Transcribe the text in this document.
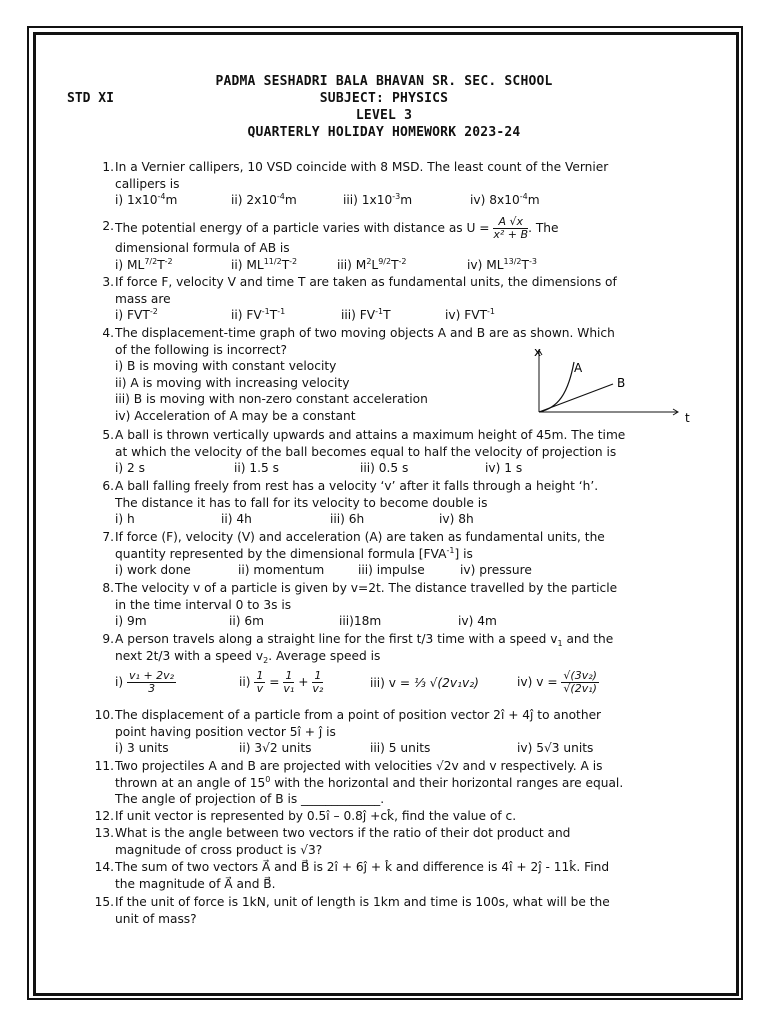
PADMA SESHADRI BALA BHAVAN SR. SEC. SCHOOL
STD XI	SUBJECT: PHYSICS
LEVEL 3
QUARTERLY HOLIDAY HOMEWORK 2023-24
1. In a Vernier callipers, 10 VSD coincide with 8 MSD. The least count of the Vernier
callipers is
i) $1x10^{-4}m$	ii) $2x10^{-4}m$	iii) $1x10^{-3}m$	iv) $8x10^{-4}m$
2. The potential energy of a particle varies with distance as $U = \frac{A √x}{\text{x² + B}}$ . The
dimensional formula of AB is
i) $ML^{7/2}T^{-2}$	ii) $ML^{11/2}T^{-2}$	iii) $M^2L^{9/2}T^{-2}$	iv) $ML^{13/2}T^{-3}$
3. If force F, velocity V and time T are taken as fundamental units, the dimensions of
mass are
i) $FVT^{-2}$	ii) $FV^{-1}T^{-1}$	iii) $FV^{-1}T$	iv) $FVT^{-1}$
4. The displacement-time graph of two moving objects A and B are as shown. Which
of the following is incorrect?
i) B is moving with constant velocity
ii) A is moving with increasing velocity
iii) B is moving with non-zero constant acceleration
iv) Acceleration of A may be a constant
x
A
B
t
5. A ball is thrown vertically upwards and attains a maximum height of 45m. The time
at which the velocity of the ball becomes equal to half the velocity of projection is
i) 2 s	ii) 1.5 s	iii) 0.5 s	iv) 1 s
6. A ball falling freely from rest has a velocity ‘v’ after it falls through a height ‘h’.
The distance it has to fall for its velocity to become double is
i) h	ii) 4h	iii) 6h	iv) 8h
7. If force (F), velocity (V) and acceleration (A) are taken as fundamental units, the
quantity represented by the dimensional formula $[FVA^{-1}]$ is
i) work done	ii) momentum	iii) impulse	iv) pressure
8. The velocity v of a particle is given by v=2t. The distance travelled by the particle
in the time interval 0 to 3s is
i) 9m	ii) 6m	iii)18m	iv) 4m
9. A person travels along a straight line for the first t/3 time with a speed $v_1$ and the
next 2t/3 with a speed $v_2$. Average speed is
$i) \frac{\text{v₁ + 2v₂}}{3}$	$ii) \frac{1}{v} = \frac{1}{\text{v₁}} + \frac{1}{\text{v₂}}$	iii) v = ⅓ √(2v₁v₂)	iv) $v = \frac{\text{√(3v₂)}}{\text{√(2v₁)}}$
10. The displacement of a particle from a point of position vector 2î + 4ĵ to another
point having position vector 5î + ĵ is
i) 3 units	ii) 3√2 units	iii) 5 units	iv) 5√3 units
11. Two projectiles A and B are projected with velocities √2v and v respectively. A is
thrown at an angle of $15^0$ with the horizontal and their horizontal ranges are equal.
The angle of projection of B is _____________.
12. If unit vector is represented by 0.5î – 0.8ĵ +ck̂, find the value of c.
13. What is the angle between two vectors if the ratio of their dot product and
magnitude of cross product is √3?
14. The sum of two vectors A⃗ and B⃗ is 2î + 6ĵ + k̂ and difference is 4î + 2ĵ - 11k̂. Find
the magnitude of A⃗ and B⃗.
15. If the unit of force is 1kN, unit of length is 1km and time is 100s, what will be the
unit of mass?
